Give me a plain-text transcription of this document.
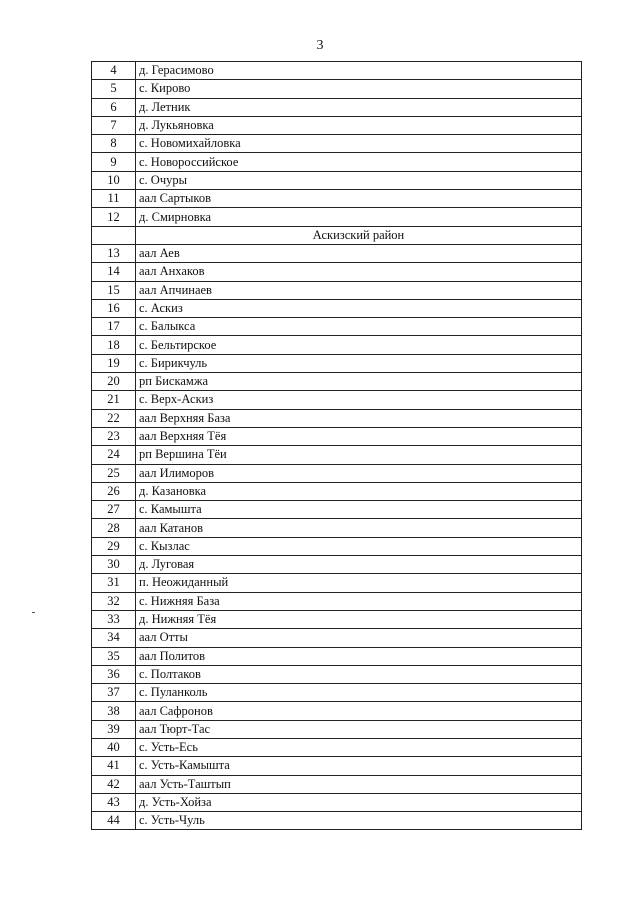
3
4	д. Герасимово
5	с. Кирово
6	д. Летник
7	д. Лукьяновка
8	с. Новомихайловка
9	с. Новороссийское
10	с. Очуры
11	аал Сартыков
12	д. Смирновка
	Аскизский район
13	аал Аев
14	аал Анхаков
15	аал Апчинаев
16	с. Аскиз
17	с. Балыкса
18	с. Бельтирское
19	с. Бирикчуль
20	рп Бискамжа
21	с. Верх-Аскиз
22	аал Верхняя База
23	аал Верхняя Тёя
24	рп Вершина Тёи
25	аал Илиморов
26	д. Казановка
27	с. Камышта
28	аал Катанов
29	с. Кызлас
30	д. Луговая
31	п. Неожиданный
32	с. Нижняя База
33	д. Нижняя Тёя
34	аал Отты
35	аал Политов
36	с. Полтаков
37	с. Пуланколь
38	аал Сафронов
39	аал Тюрт-Тас
40	с. Усть-Есь
41	с. Усть-Камышта
42	аал Усть-Таштып
43	д. Усть-Хойза
44	с. Усть-Чуль
